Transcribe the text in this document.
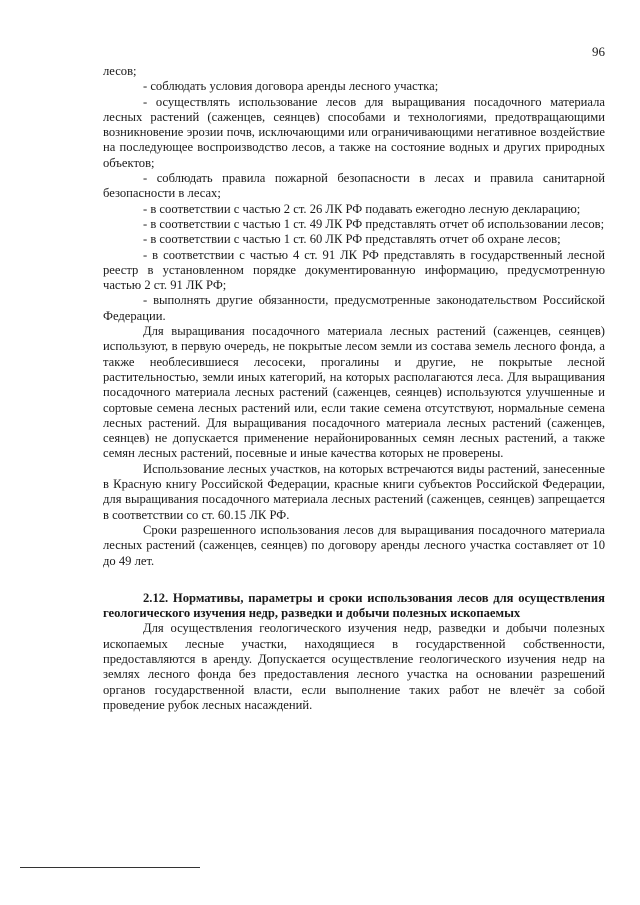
96

лесов;

- соблюдать условия договора аренды лесного участка;

- осуществлять использование лесов для выращивания посадочного материала лесных растений (саженцев, сеянцев) способами и технологиями, предотвращающими возникновение эрозии почв, исключающими или ограничивающими негативное воздействие на последующее воспроизводство лесов, а также на состояние водных и других природных объектов;

- соблюдать правила пожарной безопасности в лесах и правила санитарной безопасности в лесах;

- в соответствии с частью 2 ст. 26 ЛК РФ подавать ежегодно лесную декларацию;

- в соответствии с частью 1 ст. 49 ЛК РФ представлять отчет об использовании лесов;

- в соответствии с частью 1 ст. 60 ЛК РФ представлять отчет об охране лесов;

- в соответствии с частью 4 ст. 91 ЛК РФ представлять в государственный лесной реестр в установленном порядке документированную информацию, предусмотренную частью 2 ст. 91 ЛК РФ;

- выполнять другие обязанности, предусмотренные законодательством Российской Федерации.

Для выращивания посадочного материала лесных растений (саженцев, сеянцев) используют, в первую очередь, не покрытые лесом земли из состава земель лесного фонда, а также необлесившиеся лесосеки, прогалины и другие, не покрытые лесной растительностью, земли иных категорий, на которых располагаются леса. Для выращивания посадочного материала лесных растений (саженцев, сеянцев) используются улучшенные и сортовые семена лесных растений или, если такие семена отсутствуют, нормальные семена лесных растений. Для выращивания посадочного материала лесных растений (саженцев, сеянцев) не допускается применение нерайонированных семян лесных растений, а также семян лесных растений, посевные и иные качества которых не проверены.

Использование лесных участков, на которых встречаются виды растений, занесенные в Красную книгу Российской Федерации, красные книги субъектов Российской Федерации, для выращивания посадочного материала лесных растений (саженцев, сеянцев) запрещается в соответствии со ст. 60.15 ЛК РФ.

Сроки разрешенного использования лесов для выращивания посадочного материала лесных растений (саженцев, сеянцев) по договору аренды лесного участка составляет от 10 до 49 лет.

2.12. Нормативы, параметры и сроки использования лесов для осуществления геологического изучения недр, разведки и добычи полезных ископаемых

Для осуществления геологического изучения недр, разведки и добычи полезных ископаемых лесные участки, находящиеся в государственной собственности, предоставляются в аренду. Допускается осуществление геологического изучения недр на землях лесного фонда без предоставления лесного участка на основании разрешений органов государственной власти, если выполнение таких работ не влечёт за собой проведение рубок лесных насаждений.
